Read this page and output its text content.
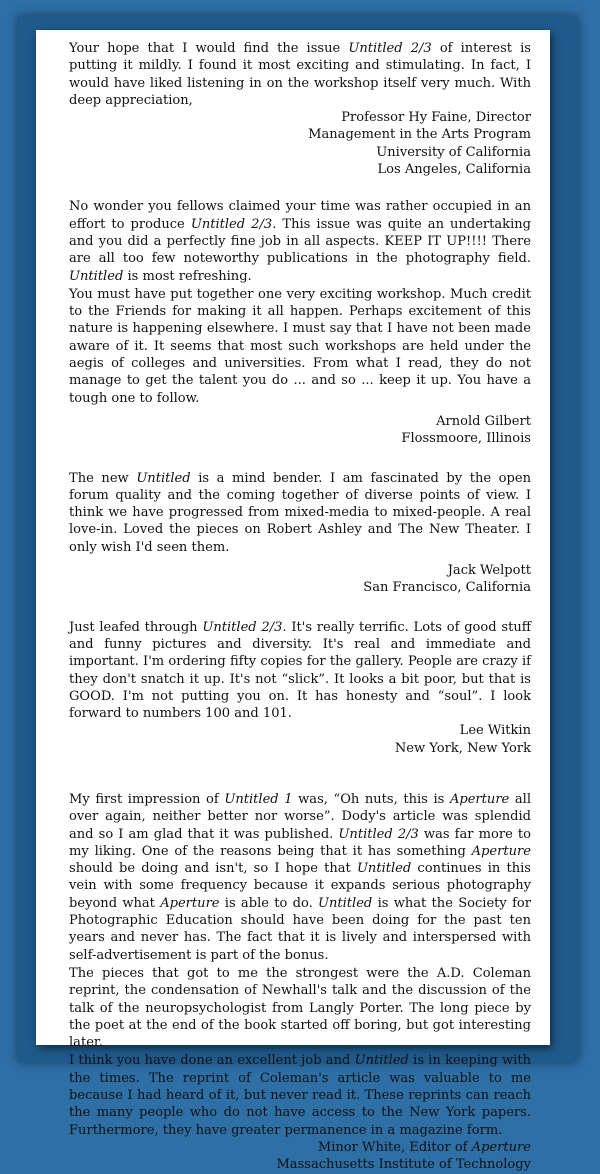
Your hope that I would find the issue Untitled 2/3 of interest is putting it mildly. I found it most exciting and stimulating. In fact, I would have liked listening in on the workshop itself very much. With deep appreciation,

Professor Hy Faine, Director
Management in the Arts Program
University of California
Los Angeles, California

No wonder you fellows claimed your time was rather occupied in an effort to produce Untitled 2/3. This issue was quite an undertaking and you did a perfectly fine job in all aspects. KEEP IT UP!!!! There are all too few noteworthy publications in the photography field. Untitled is most refreshing.

You must have put together one very exciting workshop. Much credit to the Friends for making it all happen. Perhaps excitement of this nature is happening elsewhere. I must say that I have not been made aware of it. It seems that most such workshops are held under the aegis of colleges and universities. From what I read, they do not manage to get the talent you do ... and so ... keep it up. You have a tough one to follow.

Arnold Gilbert
Flossmoore, Illinois

The new Untitled is a mind bender. I am fascinated by the open forum quality and the coming together of diverse points of view. I think we have progressed from mixed-media to mixed-people. A real love-in. Loved the pieces on Robert Ashley and The New Theater. I only wish I'd seen them.

Jack Welpott
San Francisco, California

Just leafed through Untitled 2/3. It's really terrific. Lots of good stuff and funny pictures and diversity. It's real and immediate and important. I'm ordering fifty copies for the gallery. People are crazy if they don't snatch it up. It's not “slick”. It looks a bit poor, but that is GOOD. I'm not putting you on. It has honesty and “soul”. I look forward to numbers 100 and 101.

Lee Witkin
New York, New York

My first impression of Untitled 1 was, “Oh nuts, this is Aperture all over again, neither better nor worse”. Dody's article was splendid and so I am glad that it was published. Untitled 2/3 was far more to my liking. One of the reasons being that it has something Aperture should be doing and isn't, so I hope that Untitled continues in this vein with some frequency because it expands serious photography beyond what Aperture is able to do. Untitled is what the Society for Photographic Education should have been doing for the past ten years and never has. The fact that it is lively and interspersed with self-advertisement is part of the bonus.

The pieces that got to me the strongest were the A.D. Coleman reprint, the condensation of Newhall's talk and the discussion of the talk of the neuropsychologist from Langly Porter. The long piece by the poet at the end of the book started off boring, but got interesting later.

I think you have done an excellent job and Untitled is in keeping with the times. The reprint of Coleman's article was valuable to me because I had heard of it, but never read it. These reprints can reach the many people who do not have access to the New York papers. Furthermore, they have greater permanence in a magazine form.

Minor White, Editor of Aperture
Massachusetts Institute of Technology
